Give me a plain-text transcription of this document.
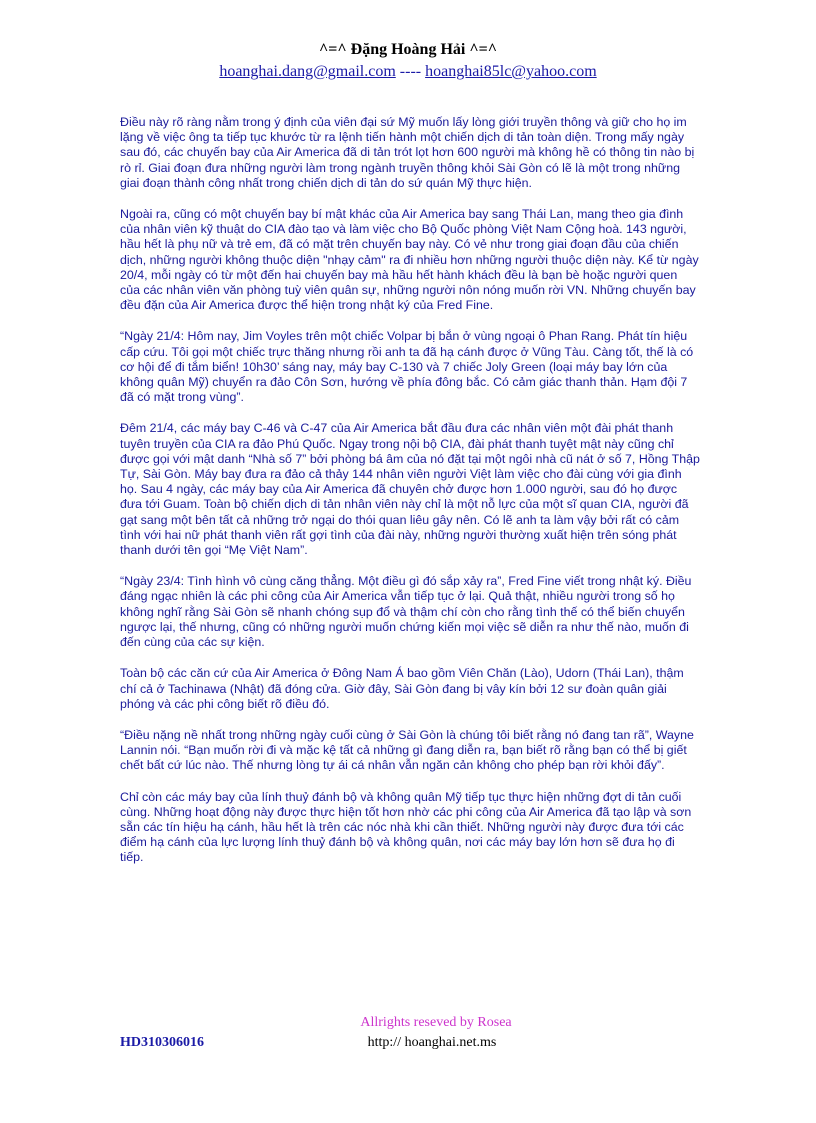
^=^ Đặng Hoàng Hải ^=^
hoanghai.dang@gmail.com ---- hoanghai85lc@yahoo.com

Điều này rõ ràng nằm trong ý định của viên đại sứ Mỹ muốn lấy lòng giới truyền thông và giữ cho họ im lặng về việc ông ta tiếp tục khước từ ra lệnh tiến hành một chiến dịch di tản toàn diện. Trong mấy ngày sau đó, các chuyến bay của Air America đã di tản trót lọt hơn 600 người mà không hề có thông tin nào bị rò rỉ. Giai đoạn đưa những người làm trong ngành truyền thông khỏi Sài Gòn có lẽ là một trong những giai đoạn thành công nhất trong chiến dịch di tản do sứ quán Mỹ thực hiện.

Ngoài ra, cũng có một chuyến bay bí mật khác của Air America bay sang Thái Lan, mang theo gia đình của nhân viên kỹ thuật do CIA đào tạo và làm việc cho Bộ Quốc phòng Việt Nam Cộng hoà. 143 người, hầu hết là phụ nữ và trẻ em, đã có mặt trên chuyến bay này. Có vẻ như trong giai đoạn đầu của chiến dịch, những người không thuộc diện "nhạy cảm" ra đi nhiều hơn những người thuộc diện này. Kể từ ngày 20/4, mỗi ngày có từ một đến hai chuyến bay mà hầu hết hành khách đều là bạn bè hoặc người quen của các nhân viên văn phòng tuỳ viên quân sự, những người nôn nóng muốn rời VN. Những chuyến bay đều đặn của Air America được thể hiện trong nhật ký của Fred Fine.

“Ngày 21/4: Hôm nay, Jim Voyles trên một chiếc Volpar bị bắn ở vùng ngoại ô Phan Rang. Phát tín hiệu cấp cứu. Tôi gọi một chiếc trực thăng nhưng rồi anh ta đã hạ cánh được ở Vũng Tàu. Càng tốt, thế là có cơ hội để đi tắm biển! 10h30’ sáng nay, máy bay C-130 và 7 chiếc Joly Green (loại máy bay lớn của không quân Mỹ) chuyển ra đảo Côn Sơn, hướng về phía đông bắc. Có cảm giác thanh thản. Hạm đội 7 đã có mặt trong vùng”.

Đêm 21/4, các máy bay C-46 và C-47 của Air America bắt đầu đưa các nhân viên một đài phát thanh tuyên truyền của CIA ra đảo Phú Quốc. Ngay trong nội bộ CIA, đài phát thanh tuyệt mật này cũng chỉ được gọi với mật danh “Nhà số 7” bởi phòng bá âm của nó đặt tại một ngôi nhà cũ nát ở số 7, Hồng Thập Tự, Sài Gòn. Máy bay đưa ra đảo cả thảy 144 nhân viên người Việt làm việc cho đài cùng với gia đình họ. Sau 4 ngày, các máy bay của Air America đã chuyên chở được hơn 1.000 người, sau đó họ được đưa tới Guam. Toàn bộ chiến dịch di tản nhân viên này chỉ là một nỗ lực của một sĩ quan CIA, người đã gạt sang một bên tất cả những trở ngại do thói quan liêu gây nên. Có lẽ anh ta làm vậy bởi rất có cảm tình với hai nữ phát thanh viên rất gợi tình của đài này, những người thường xuất hiện trên sóng phát thanh dưới tên gọi “Mẹ Việt Nam”.

“Ngày 23/4: Tình hình vô cùng căng thẳng. Một điều gì đó sắp xảy ra”, Fred Fine viết trong nhật ký. Điều đáng ngạc nhiên là các phi công của Air America vẫn tiếp tục ở lại. Quả thật, nhiều người trong số họ không nghĩ rằng Sài Gòn sẽ nhanh chóng sụp đổ và thậm chí còn cho rằng tình thế có thể biến chuyển ngược lại, thế nhưng, cũng có những người muốn chứng kiến mọi việc sẽ diễn ra như thế nào, muốn đi đến cùng của các sự kiện.

Toàn bộ các căn cứ của Air America ở Đông Nam Á bao gồm Viên Chăn (Lào), Udorn (Thái Lan), thậm chí cả ở Tachinawa (Nhật) đã đóng cửa. Giờ đây, Sài Gòn đang bị vây kín bởi 12 sư đoàn quân giải phóng và các phi công biết rõ điều đó.

“Điều nặng nề nhất trong những ngày cuối cùng ở Sài Gòn là chúng tôi biết rằng nó đang tan rã”, Wayne Lannin nói. “Bạn muốn rời đi và mặc kệ tất cả những gì đang diễn ra, bạn biết rõ rằng bạn có thể bị giết chết bất cứ lúc nào. Thế nhưng lòng tự ái cá nhân vẫn ngăn cản không cho phép bạn rời khỏi đấy”.

Chỉ còn các máy bay của lính thuỷ đánh bộ và không quân Mỹ tiếp tục thực hiện những đợt di tản cuối cùng. Những hoạt động này được thực hiện tốt hơn nhờ các phi công của Air America đã tạo lập và sơn sẵn các tín hiệu hạ cánh, hầu hết là trên các nóc nhà khi cần thiết. Những người này được đưa tới các điểm hạ cánh của lực lượng lính thuỷ đánh bộ và không quân, nơi các máy bay lớn hơn sẽ đưa họ đi tiếp.

Allrights reseved by Rosea
HD310306016	http:// hoanghai.net.ms
